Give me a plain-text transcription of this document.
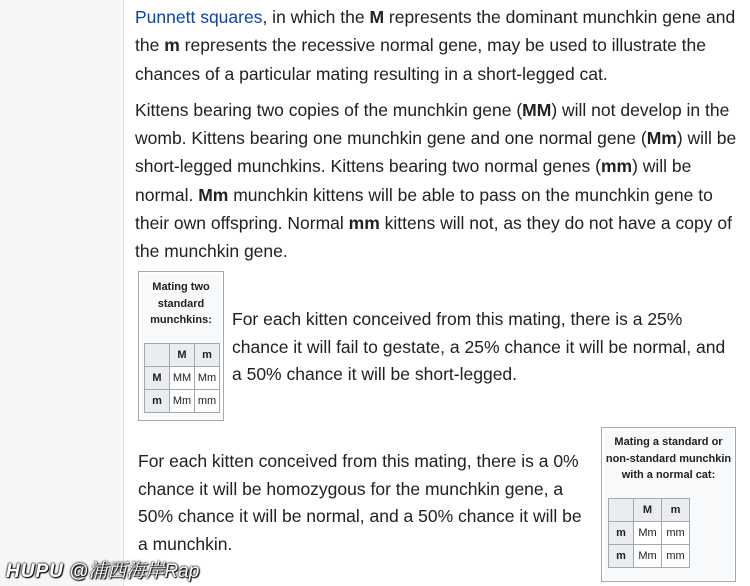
Punnett squares, in which the M represents the dominant munchkin gene and the m represents the recessive normal gene, may be used to illustrate the chances of a particular mating resulting in a short-legged cat.

Kittens bearing two copies of the munchkin gene (MM) will not develop in the womb. Kittens bearing one munchkin gene and one normal gene (Mm) will be short-legged munchkins. Kittens bearing two normal genes (mm) will be normal. Mm munchkin kittens will be able to pass on the munchkin gene to their own offspring. Normal mm kittens will not, as they do not have a copy of the munchkin gene.

Mating two standard munchkins:
	M	m
M	MM	Mm
m	Mm	mm
For each kitten conceived from this mating, there is a 25% chance it will fail to gestate, a 25% chance it will be normal, and a 50% chance it will be short-legged.
Mating a standard or non-standard munchkin with a normal cat:
	M	m
m	Mm	mm
m	Mm	mm
For each kitten conceived from this mating, there is a 0% chance it will be homozygous for the munchkin gene, a 50% chance it will be normal, and a 50% chance it will be a munchkin.
HUPU @浦西海岸Rap
